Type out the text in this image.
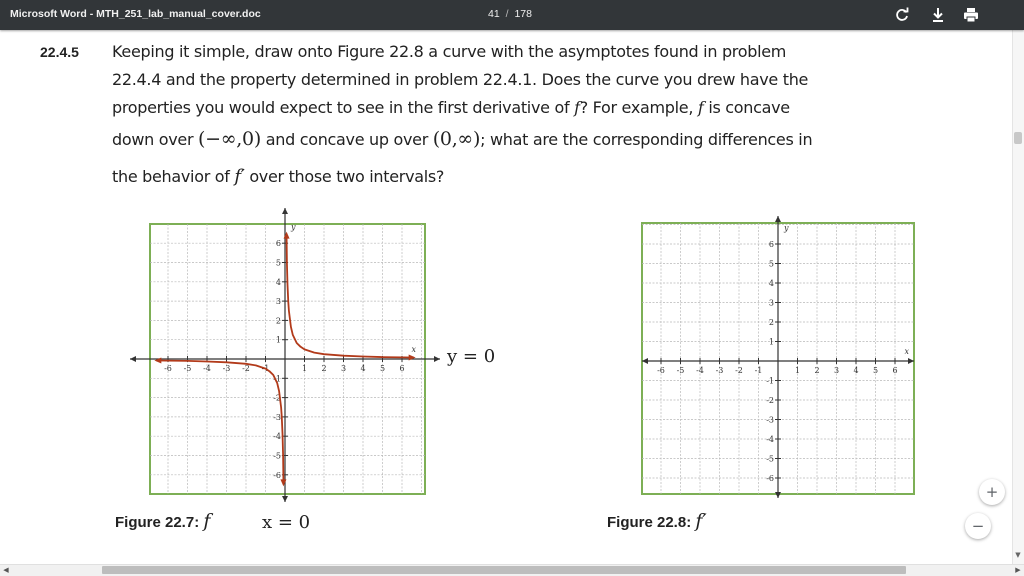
Microsoft Word - MTH_251_lab_manual_cover.doc	41 / 178
22.4.5 Keeping it simple, draw onto Figure 22.8 a curve with the asymptotes found in problem
22.4.4 and the property determined in problem 22.4.1. Does the curve you drew have the
properties you would expect to see in the first derivative of f? For example, f is concave
down over (−∞,0) and concave up over (0,∞); what are the corresponding differences in
the behavior of f′ over those two intervals?
-6 -5 -4 -3 -2 -1	1 2 3 4 5 6
6
5
4
3
2
1
-1
-2
-3
-4
-5
-6
x
y
y = 0
x = 0
Figure 22.7: f
-6 -5 -4 -3 -2 -1	1 2 3 4 5 6
6
5
4
3
2
1
-1
-2
-3
-4
-5
-6
x
y
Figure 22.8: f′
▼
◀	▶
+
−
